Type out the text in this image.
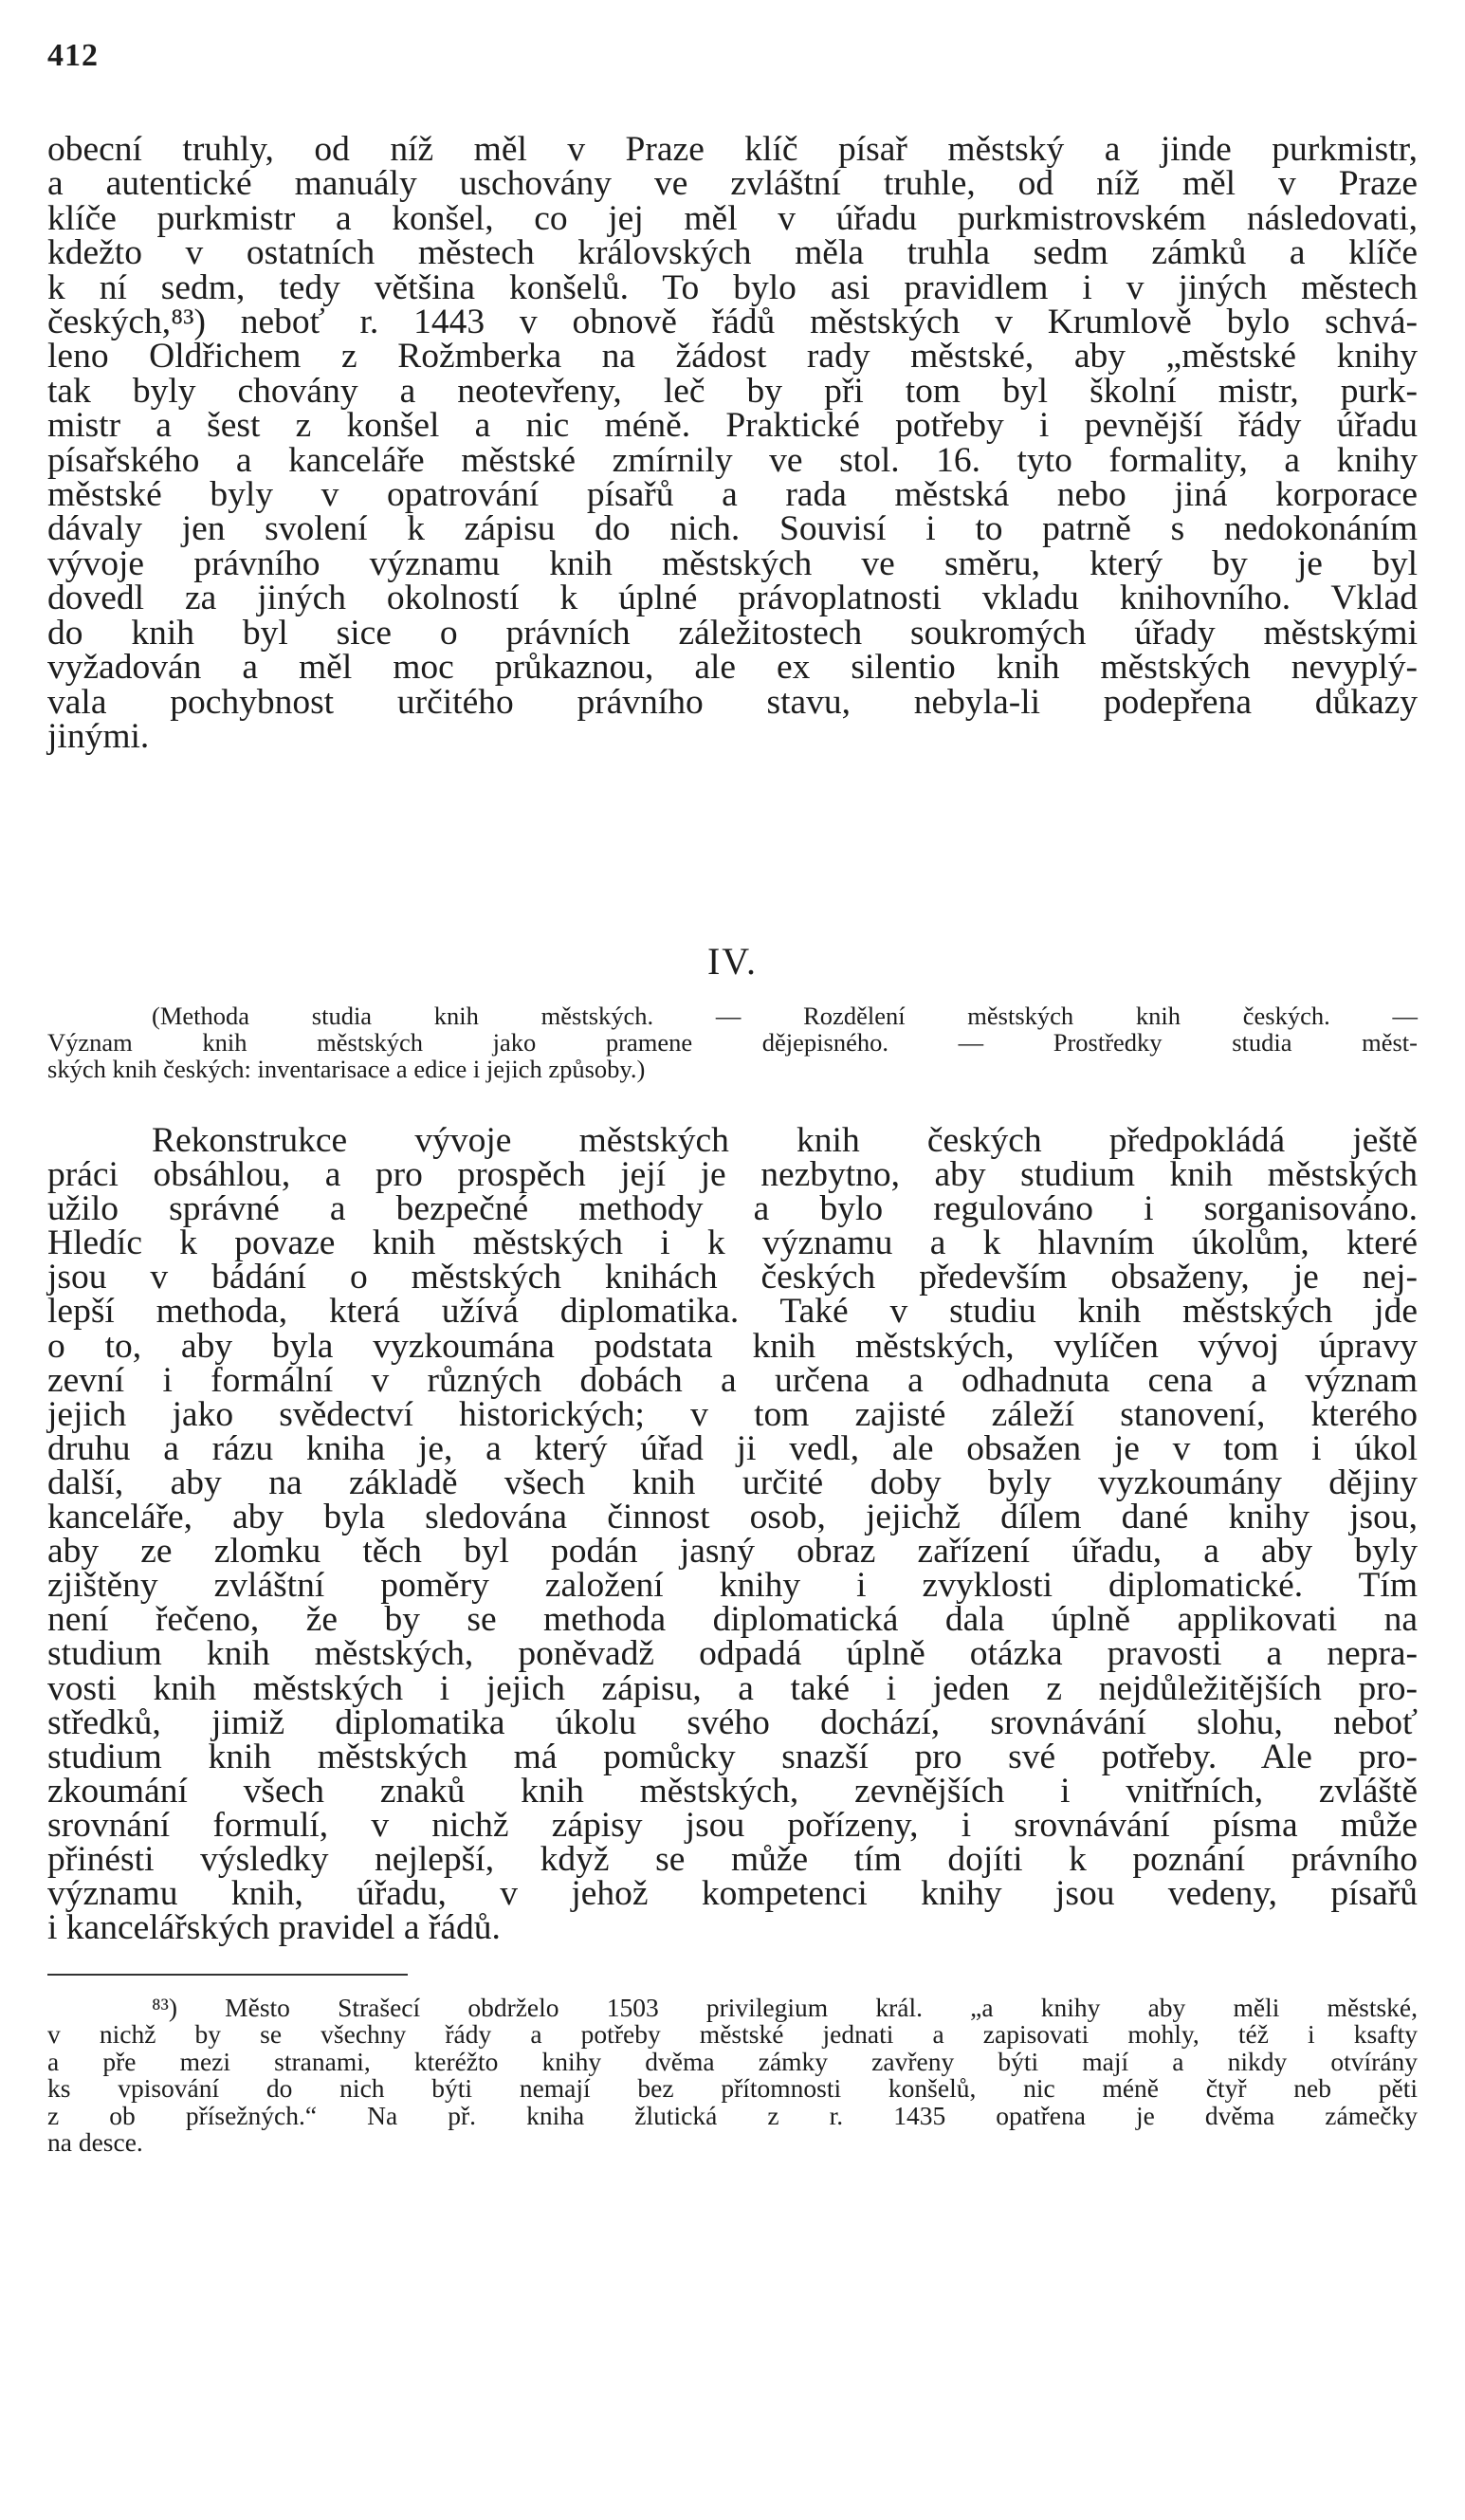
412
obecní truhly, od níž měl v Praze klíč písař městský a jinde purkmistr,
a autentické manuály uschovány ve zvláštní truhle, od níž měl v Praze
klíče purkmistr a konšel, co jej měl v úřadu purkmistrovském následovati,
kdežto v ostatních městech královských měla truhla sedm zámků a klíče
k ní sedm, tedy většina konšelů. To bylo asi pravidlem i v jiných městech
českých,⁸³) neboť r. 1443 v obnově řádů městských v Krumlově bylo schvá-
leno Oldřichem z Rožmberka na žádost rady městské, aby „městské knihy
tak byly chovány a neotevřeny, leč by při tom byl školní mistr, purk-
mistr a šest z konšel a nic méně. Praktické potřeby i pevnější řády úřadu
písařského a kanceláře městské zmírnily ve stol. 16. tyto formality, a knihy
městské byly v opatrování písařů a rada městská nebo jiná korporace
dávaly jen svolení k zápisu do nich. Souvisí i to patrně s nedokonáním
vývoje právního významu knih městských ve směru, který by je byl
dovedl za jiných okolností k úplné právoplatnosti vkladu knihovního. Vklad
do knih byl sice o právních záležitostech soukromých úřady městskými
vyžadován a měl moc průkaznou, ale ex silentio knih městských nevyplý-
vala pochybnost určitého právního stavu, nebyla-li podepřena důkazy
jinými.
IV.
(Methoda studia knih městských. — Rozdělení městských knih českých. —
Význam knih městských jako pramene dějepisného. — Prostředky studia měst-
ských knih českých: inventarisace a edice i jejich způsoby.)
Rekonstrukce vývoje městských knih českých předpokládá ještě
práci obsáhlou, a pro prospěch její je nezbytno, aby studium knih městských
užilo správné a bezpečné methody a bylo regulováno i sorganisováno.
Hledíc k povaze knih městských i k významu a k hlavním úkolům, které
jsou v bádání o městských knihách českých především obsaženy, je nej-
lepší methoda, která užívá diplomatika. Také v studiu knih městských jde
o to, aby byla vyzkoumána podstata knih městských, vylíčen vývoj úpravy
zevní i formální v různých dobách a určena a odhadnuta cena a význam
jejich jako svědectví historických; v tom zajisté záleží stanovení, kterého
druhu a rázu kniha je, a který úřad ji vedl, ale obsažen je v tom i úkol
další, aby na základě všech knih určité doby byly vyzkoumány dějiny
kanceláře, aby byla sledována činnost osob, jejichž dílem dané knihy jsou,
aby ze zlomku těch byl podán jasný obraz zařízení úřadu, a aby byly
zjištěny zvláštní poměry založení knihy i zvyklosti diplomatické. Tím
není řečeno, že by se methoda diplomatická dala úplně applikovati na
studium knih městských, poněvadž odpadá úplně otázka pravosti a nepra-
vosti knih městských i jejich zápisu, a také i jeden z nejdůležitějších pro-
středků, jimiž diplomatika úkolu svého dochází, srovnávání slohu, neboť
studium knih městských má pomůcky snazší pro své potřeby. Ale pro-
zkoumání všech znaků knih městských, zevnějších i vnitřních, zvláště
srovnání formulí, v nichž zápisy jsou pořízeny, i srovnávání písma může
přinésti výsledky nejlepší, když se může tím dojíti k poznání právního
významu knih, úřadu, v jehož kompetenci knihy jsou vedeny, písařů
i kancelářských pravidel a řádů.
⁸³) Město Strašecí obdrželo 1503 privilegium král. „a knihy aby měli městské,
v nichž by se všechny řády a potřeby městské jednati a zapisovati mohly, též i ksafty
a pře mezi stranami, kteréžto knihy dvěma zámky zavřeny býti mají a nikdy otvírány
ks vpisování do nich býti nemají bez přítomnosti konšelů, nic méně čtyř neb pěti
z ob přísežných.“ Na př. kniha žlutická z r. 1435 opatřena je dvěma zámečky
na desce.
